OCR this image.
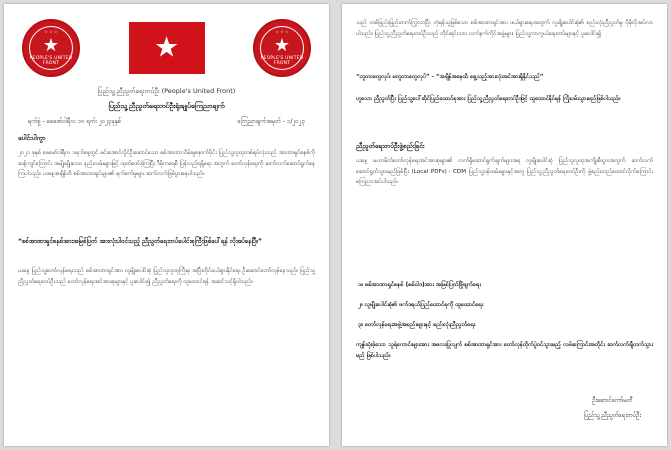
☆ ☆ ☆
★
PEOPLE'S UNITED FRONT
★	☆ ☆ ☆
★
PEOPLE'S UNITED FRONT
ပြည်သူ့ညီညွတ်ရေးတပ်ဦး (People's United Front)
ပြည်သူ့ညီညွတ်ရေးတပ်ဦးရုံးချုပ်ကြေညာချက်
ရက်စွဲ - ဖေဖော်ဝါရီလ ၁၀ ရက်၊ ၂၀၂၃ခုနှစ်	ကြေညာချက်အမှတ် - ၁/၂၀၂၃
ပေါင်းပါကွာ
၂၀၂၁ ခုနှစ် ဖေဖော်ဝါရီလ ၁ရက်နေ့တွင် မင်းအောင်လှိုင်ဦးဆောင်သော စစ်အာဏာသိမ်းမှုနောက်ပိုင်း ပြည်သူ့လူထုတစ်ရပ်လုံးသည် အာဏာရှင်စနစ်ကို ဆန့်ကျင်ကြောင်း အမျိုးမျိုးသော နည်းလမ်းများဖြင့် ထုတ်ဖော်ခဲ့ကြပြီး ဒီမိုကရေစီ ပြန်လည်ရရှိရေး အတွက် တော်လှန်ရေးကို ဆက်လက်ဆောင်ရွက်နေကြပါသည်။ ယနေ့အချိန်ထိ စစ်အာဏာရှင်များ၏ ရက်စက်မှုများ ဆက်လက်ဖြစ်ပွားနေပါသည်။
“စစ်အာဏာရှင်စနစ်အားအမြစ်ပြတ် အားလုံးပါဝင်သည့် ညီညွတ်ရေးတပ်ပေါင်းစုကြီးဖြစ်ပေါ်ရန် လိုအပ်နေပြီ။”
ယနေ့ ပြည်သူ့တော်လှန်ရေးသည် စစ်အာဏာရှင်အား လူမျိုးပေါင်းစုံ ပြည်သူလူထုကြီးမှ အပြီးတိုင်ဖယ်ရှားနိုင်ရေး ဦးဆောင်တော်လှန်နေသည်။ ပြည်သူ့ညီညွတ်ရေးတပ်ဦးသည် တော်လှန်ရေးအင်အားစုများနှင့် ပူးပေါင်း၍ ညီညွတ်ရေးကို ထူထောင်ရန် အဆင်သင့်ရှိပါသည်။
သည် တစ်ဖြည်းဖြည်းတက်ကြွလာပြီး ဘုံရန်သူဖြစ်သော စစ်အာဏာရှင်အား ဖယ်ရှားရေးအတွက် လူမျိုးပေါင်းစုံ၏ စည်းလုံးညီညွတ်မှု ပိုမိုလိုအပ်လာပါသည်။ ပြည်သူ့ညီညွတ်ရေးတပ်ဦးသည် တိုင်းရင်းသား လက်နက်ကိုင်အဖွဲ့များ၊ ပြည်သူ့ကာကွယ်ရေးတပ်များနှင့် ပူးပေါင်း၍
“တူတာတွေလုပ်၊ မတူတာတွေလုပ်” - “အချိန်အနေထိ ရှေ့သည့်အားလုံးအင်အားရှိနိုင်သည်”
ဟူသော ညီညွတ်ပြီး ပြည်သူ့ပေါ်ဆိုင်ပြည်ထောင်စုအား ပြည်သူ့ညီညွတ်ရေးတပ်ဦးဖြင့် ထူထောင်နိုင်ရန် ကြိုးပမ်းသွားမည်ဖြစ်ပါသည်။
ညီညွတ်ရေးတပ်ဦးဖွဲ့စည်းခြင်း
ယနေ့ မဟာမိတ်တော်လှန်ရေးအင်အားစုများ၏ လက်ရှိဆောင်ရွက်ချက်များအရ လူမျိုးပေါင်းစုံ ပြည်သူလူထုအကျိုးစီးပွားအတွက် ဆက်လက်ဆောင်ရွက်သွားမည်ဖြစ်ပြီး (Local PDFs) ၊ CDM ပြည်သူ့ဝန်ထမ်းများနှင့်အတူ ပြည်သူ့ညီညွတ်ရေးတပ်ဦးကို ဖွဲ့စည်းတည်ထောင်လိုက်ကြောင်း ကြေညာအပ်ပါသည်။
၁။ စစ်အာဏာရှင်စနစ် (စစ်ဝါဒ)အား အမြစ်ပြတ်ဖြိုဖျက်ရေး
၂။ လူမျိုးပေါင်းစုံ၏ ဖက်ဒရယ်ပြည်ထောင်စုကို ထူထောင်ရေး
၃။ တော်လှန်ရေးအဖွဲ့အစည်းများနှင့် စည်းလုံးညီညွတ်ရေး
ကျန်ဆုံးခဲ့သော သူရဲကောင်းများအား အလေးပြုလျက် စစ်အာဏာရှင်အား တော်လှန်တိုက်ပွဲဝင်သွားမည့် လမ်းကြောင်းအတိုင်း ဆက်လက်ချီတက်သွားမည် ဖြစ်ပါသည်။
ဦးဆောင်ကော်မတီ
ပြည်သူ့ညီညွတ်ရေးတပ်ဦး
